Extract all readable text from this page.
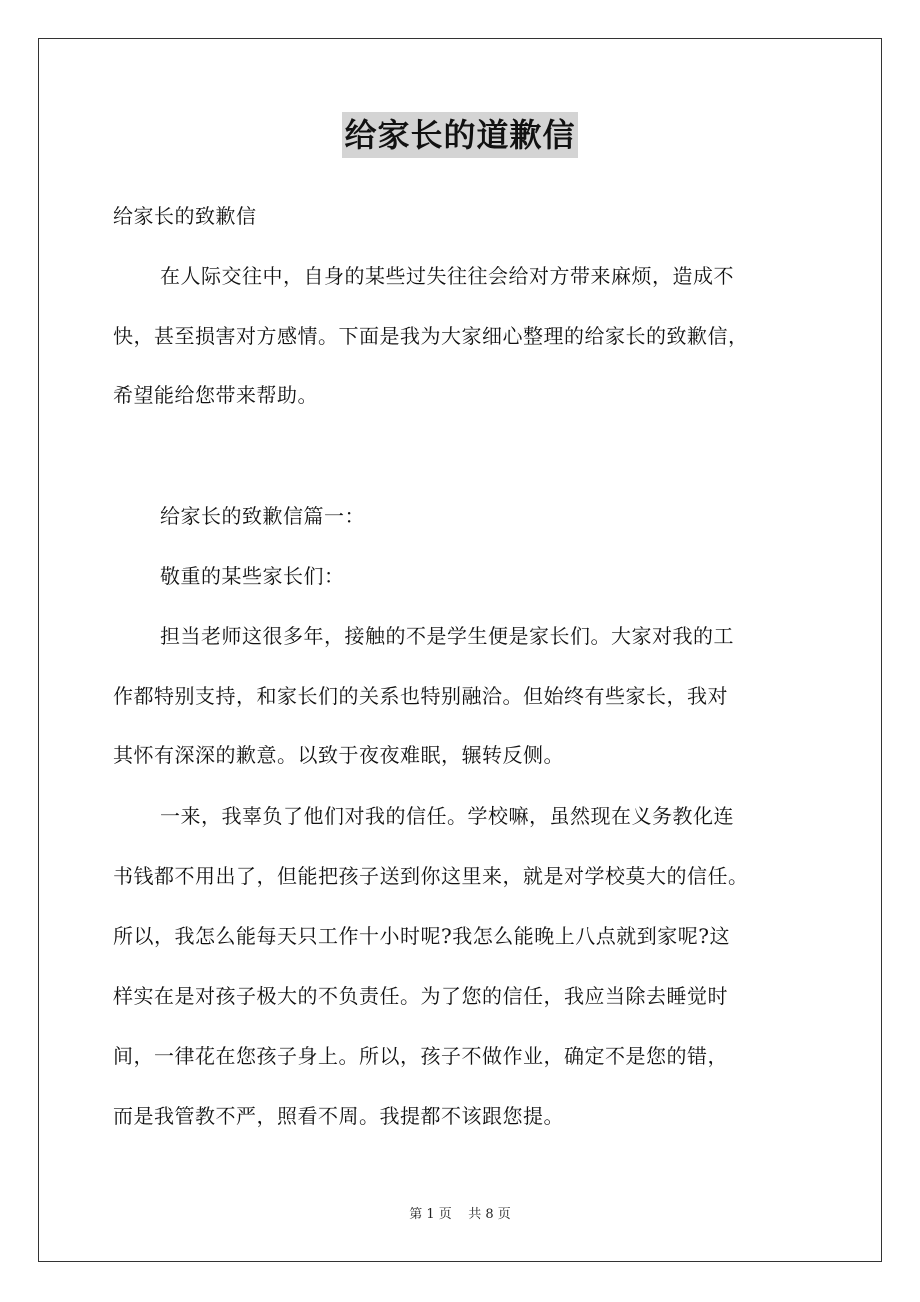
给家长的道歉信
给家长的致歉信
在人际交往中，自身的某些过失往往会给对方带来麻烦，造成不
快，甚至损害对方感情。下面是我为大家细心整理的给家长的致歉信，
希望能给您带来帮助。
给家长的致歉信篇一：
敬重的某些家长们：
担当老师这很多年，接触的不是学生便是家长们。大家对我的工
作都特别支持，和家长们的关系也特别融洽。但始终有些家长，我对
其怀有深深的歉意。以致于夜夜难眠，辗转反侧。
一来，我辜负了他们对我的信任。学校嘛，虽然现在义务教化连
书钱都不用出了，但能把孩子送到你这里来，就是对学校莫大的信任。
所以，我怎么能每天只工作十小时呢?我怎么能晚上八点就到家呢?这
样实在是对孩子极大的不负责任。为了您的信任，我应当除去睡觉时
间，一律花在您孩子身上。所以，孩子不做作业，确定不是您的错，
而是我管教不严，照看不周。我提都不该跟您提。
第 1 页    共 8 页
